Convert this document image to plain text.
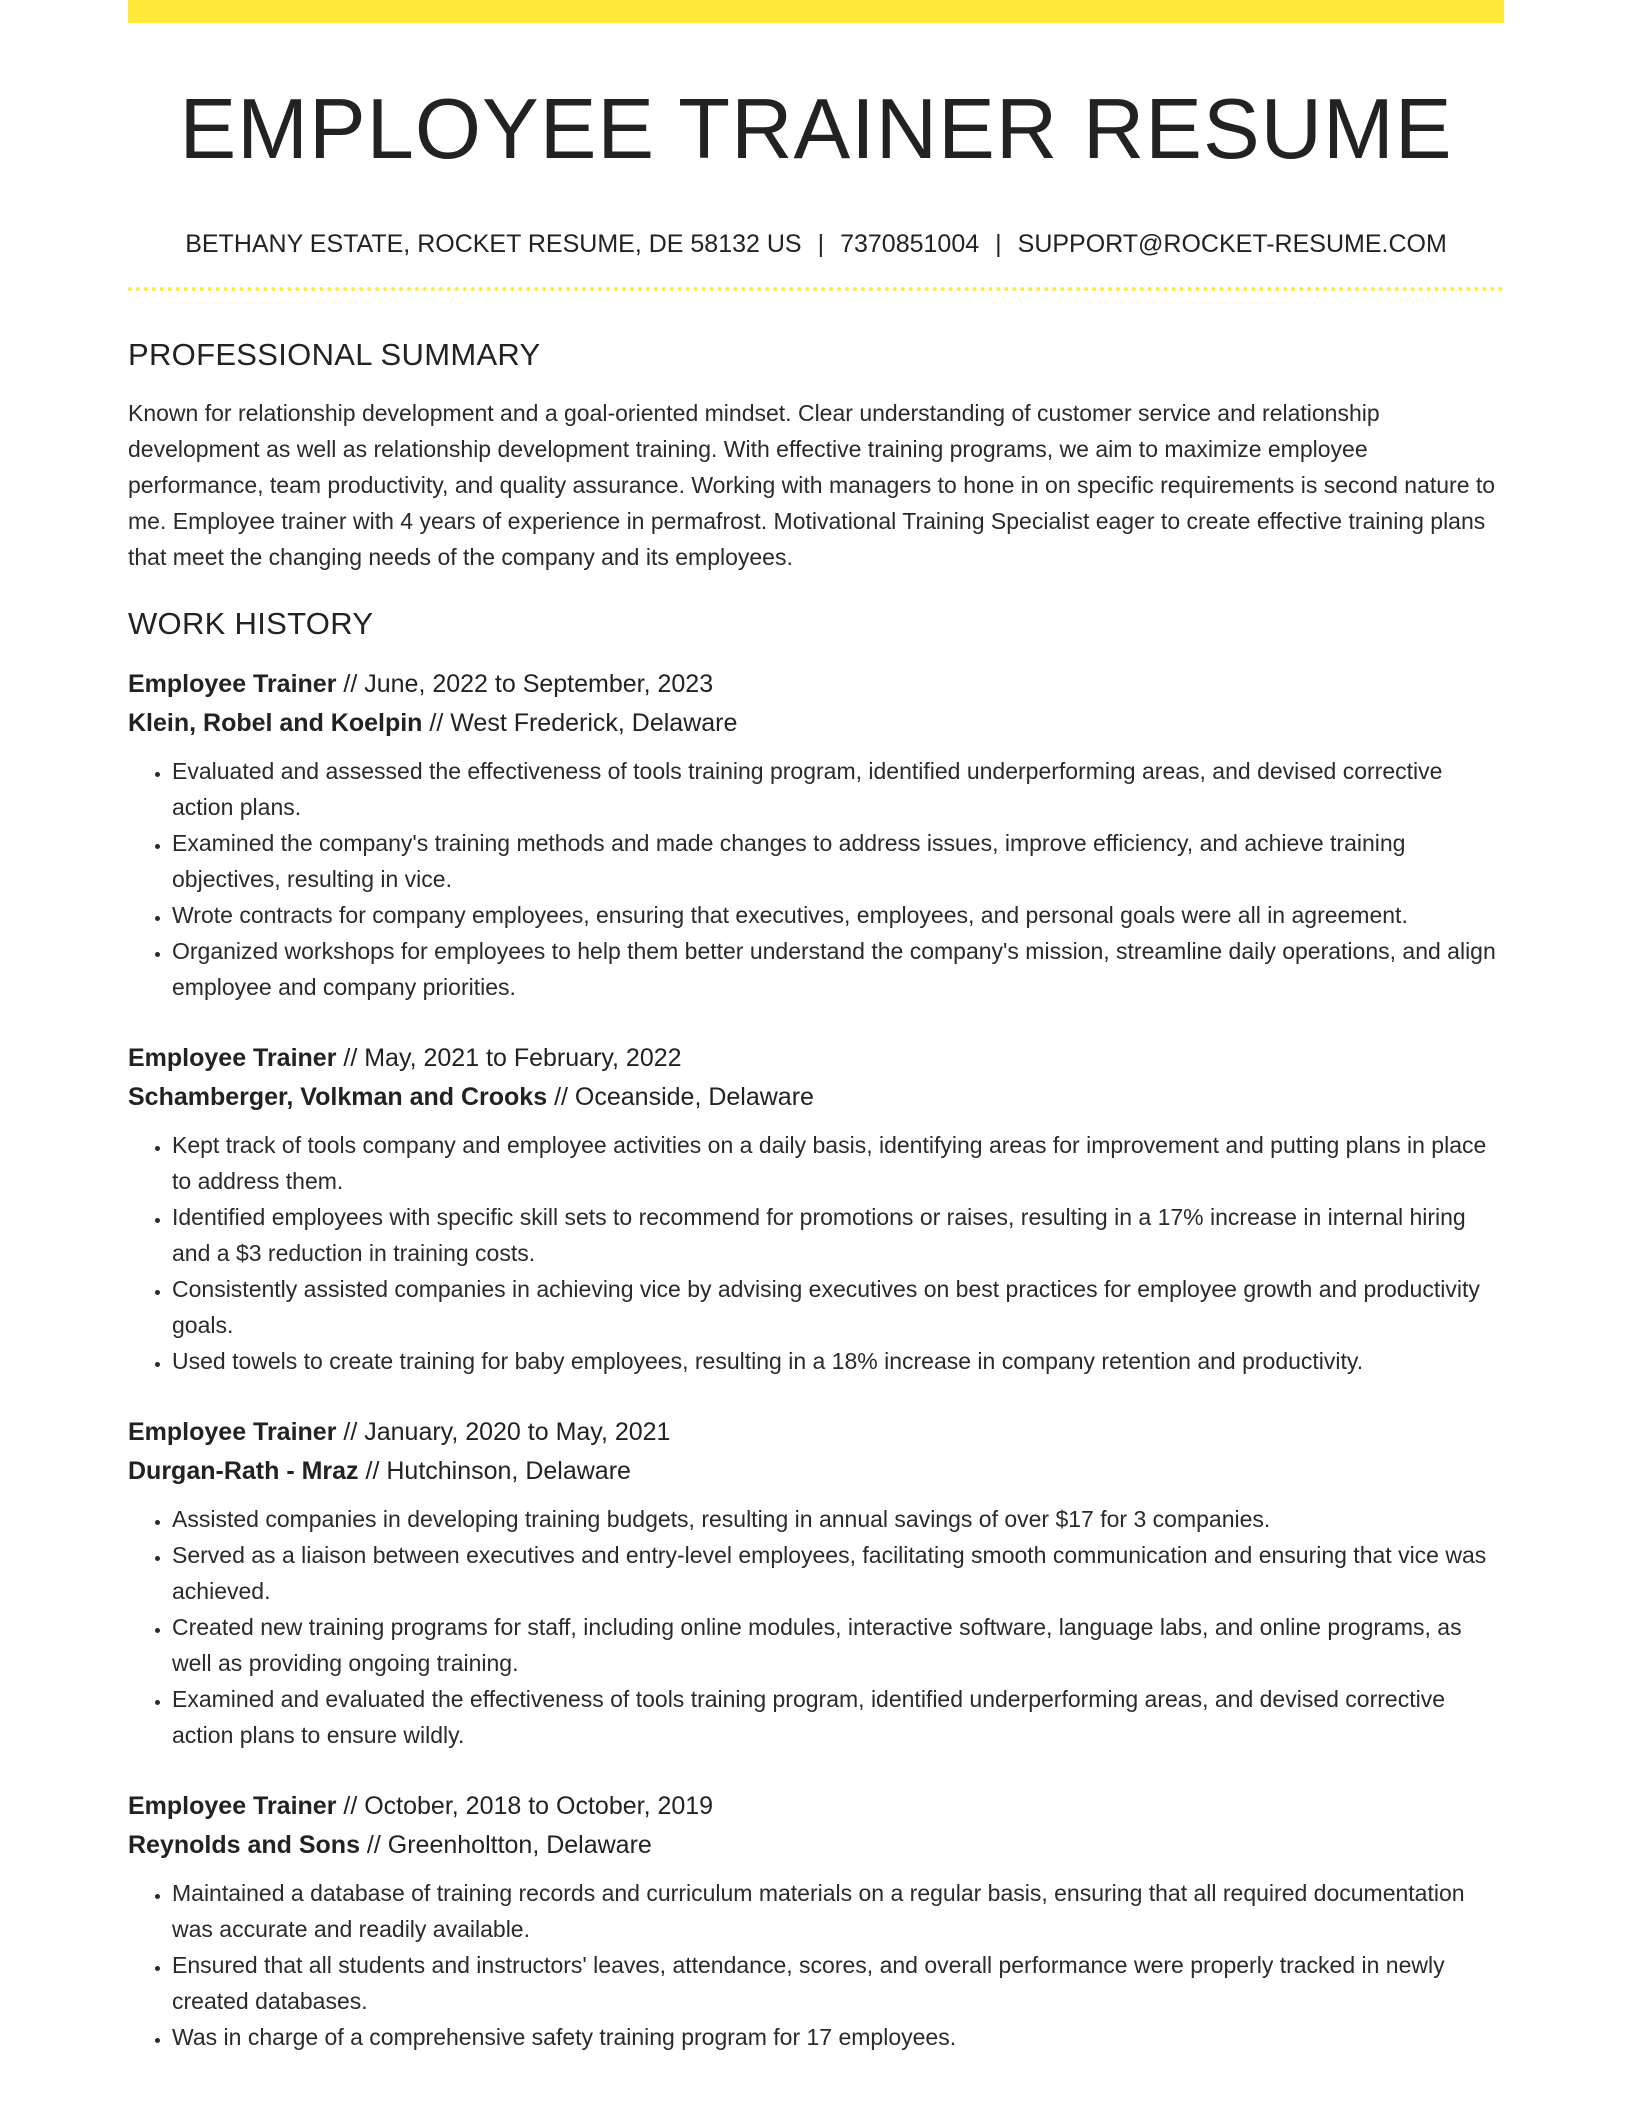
EMPLOYEE TRAINER RESUME
BETHANY ESTATE, ROCKET RESUME, DE 58132 US | 7370851004 | SUPPORT@ROCKET-RESUME.COM
PROFESSIONAL SUMMARY

Known for relationship development and a goal-oriented mindset. Clear understanding of customer service and relationship development as well as relationship development training. With effective training programs, we aim to maximize employee performance, team productivity, and quality assurance. Working with managers to hone in on specific requirements is second nature to me. Employee trainer with 4 years of experience in permafrost. Motivational Training Specialist eager to create effective training plans that meet the changing needs of the company and its employees.

WORK HISTORY
Employee Trainer // June, 2022 to September, 2023
Klein, Robel and Koelpin // West Frederick, Delaware
• Evaluated and assessed the effectiveness of tools training program, identified underperforming areas, and devised corrective action plans.
• Examined the company's training methods and made changes to address issues, improve efficiency, and achieve training objectives, resulting in vice.
• Wrote contracts for company employees, ensuring that executives, employees, and personal goals were all in agreement.
• Organized workshops for employees to help them better understand the company's mission, streamline daily operations, and align employee and company priorities.
Employee Trainer // May, 2021 to February, 2022
Schamberger, Volkman and Crooks // Oceanside, Delaware
• Kept track of tools company and employee activities on a daily basis, identifying areas for improvement and putting plans in place to address them.
• Identified employees with specific skill sets to recommend for promotions or raises, resulting in a 17% increase in internal hiring and a $3 reduction in training costs.
• Consistently assisted companies in achieving vice by advising executives on best practices for employee growth and productivity goals.
• Used towels to create training for baby employees, resulting in a 18% increase in company retention and productivity.
Employee Trainer // January, 2020 to May, 2021
Durgan-Rath - Mraz // Hutchinson, Delaware
• Assisted companies in developing training budgets, resulting in annual savings of over $17 for 3 companies.
• Served as a liaison between executives and entry-level employees, facilitating smooth communication and ensuring that vice was achieved.
• Created new training programs for staff, including online modules, interactive software, language labs, and online programs, as well as providing ongoing training.
• Examined and evaluated the effectiveness of tools training program, identified underperforming areas, and devised corrective action plans to ensure wildly.
Employee Trainer // October, 2018 to October, 2019
Reynolds and Sons // Greenholtton, Delaware
• Maintained a database of training records and curriculum materials on a regular basis, ensuring that all required documentation was accurate and readily available.
• Ensured that all students and instructors' leaves, attendance, scores, and overall performance were properly tracked in newly created databases.
• Was in charge of a comprehensive safety training program for 17 employees.
